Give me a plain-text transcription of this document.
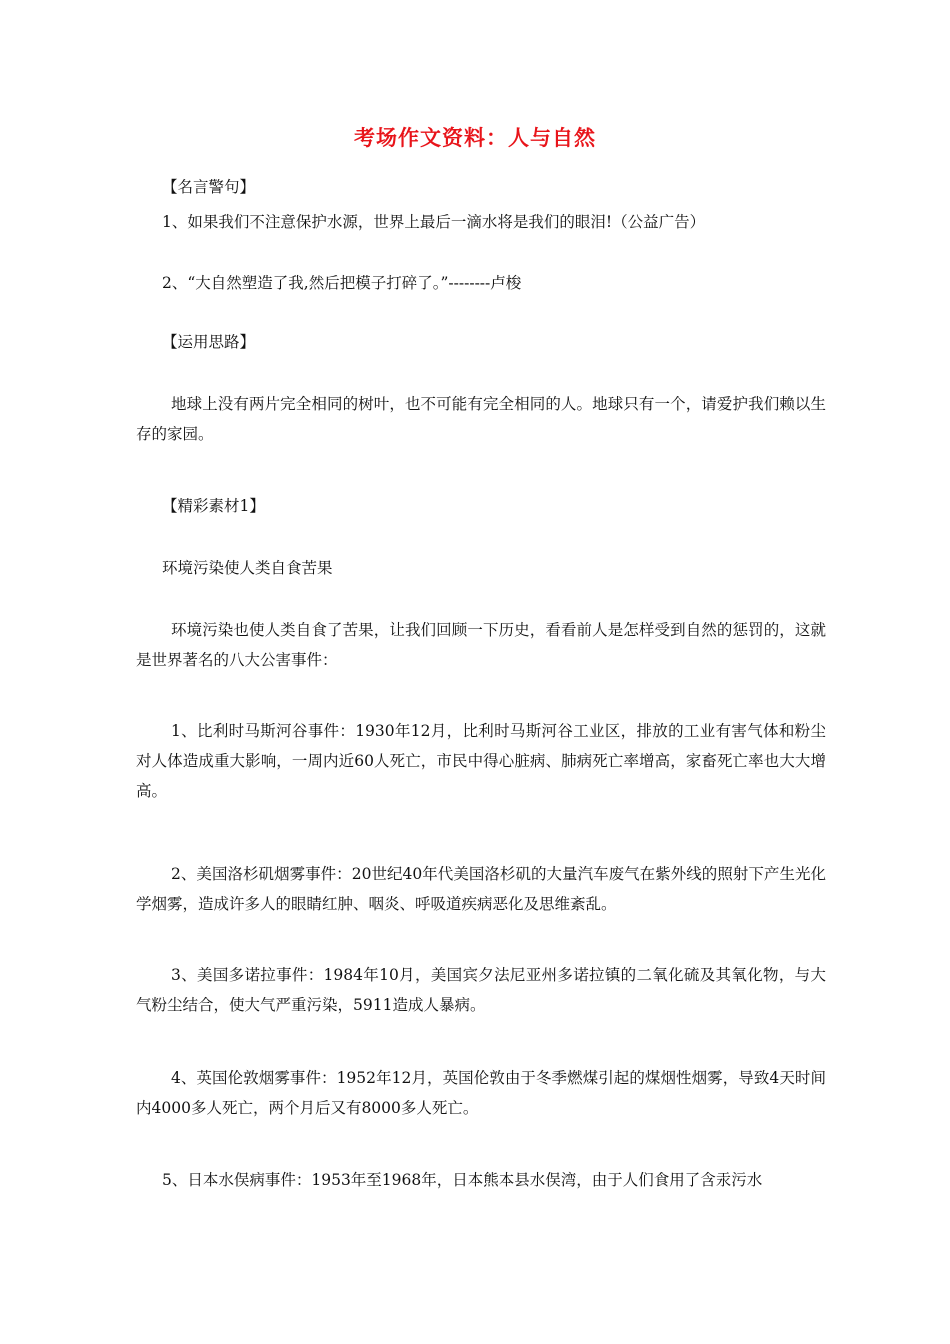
考场作文资料：人与自然
【名言警句】
1、如果我们不注意保护水源，世界上最后一滴水将是我们的眼泪!（公益广告）
2、“大自然塑造了我,然后把模子打碎了。”--------卢梭
【运用思路】
地球上没有两片完全相同的树叶，也不可能有完全相同的人。地球只有一个，请爱护我们赖以生存的家园。
【精彩素材1】
环境污染使人类自食苦果
环境污染也使人类自食了苦果，让我们回顾一下历史，看看前人是怎样受到自然的惩罚的，这就是世界著名的八大公害事件：
1、比利时马斯河谷事件：1930年12月，比利时马斯河谷工业区，排放的工业有害气体和粉尘对人体造成重大影响，一周内近60人死亡，市民中得心脏病、肺病死亡率增高，家畜死亡率也大大增高。
2、美国洛杉矶烟雾事件：20世纪40年代美国洛杉矶的大量汽车废气在紫外线的照射下产生光化学烟雾，造成许多人的眼睛红肿、咽炎、呼吸道疾病恶化及思维紊乱。
3、美国多诺拉事件：1984年10月，美国宾夕法尼亚州多诺拉镇的二氧化硫及其氧化物，与大气粉尘结合，使大气严重污染，5911造成人暴病。
4、英国伦敦烟雾事件：1952年12月，英国伦敦由于冬季燃煤引起的煤烟性烟雾，导致4天时间内4000多人死亡，两个月后又有8000多人死亡。
5、日本水俣病事件：1953年至1968年，日本熊本县水俣湾，由于人们食用了含汞污水
